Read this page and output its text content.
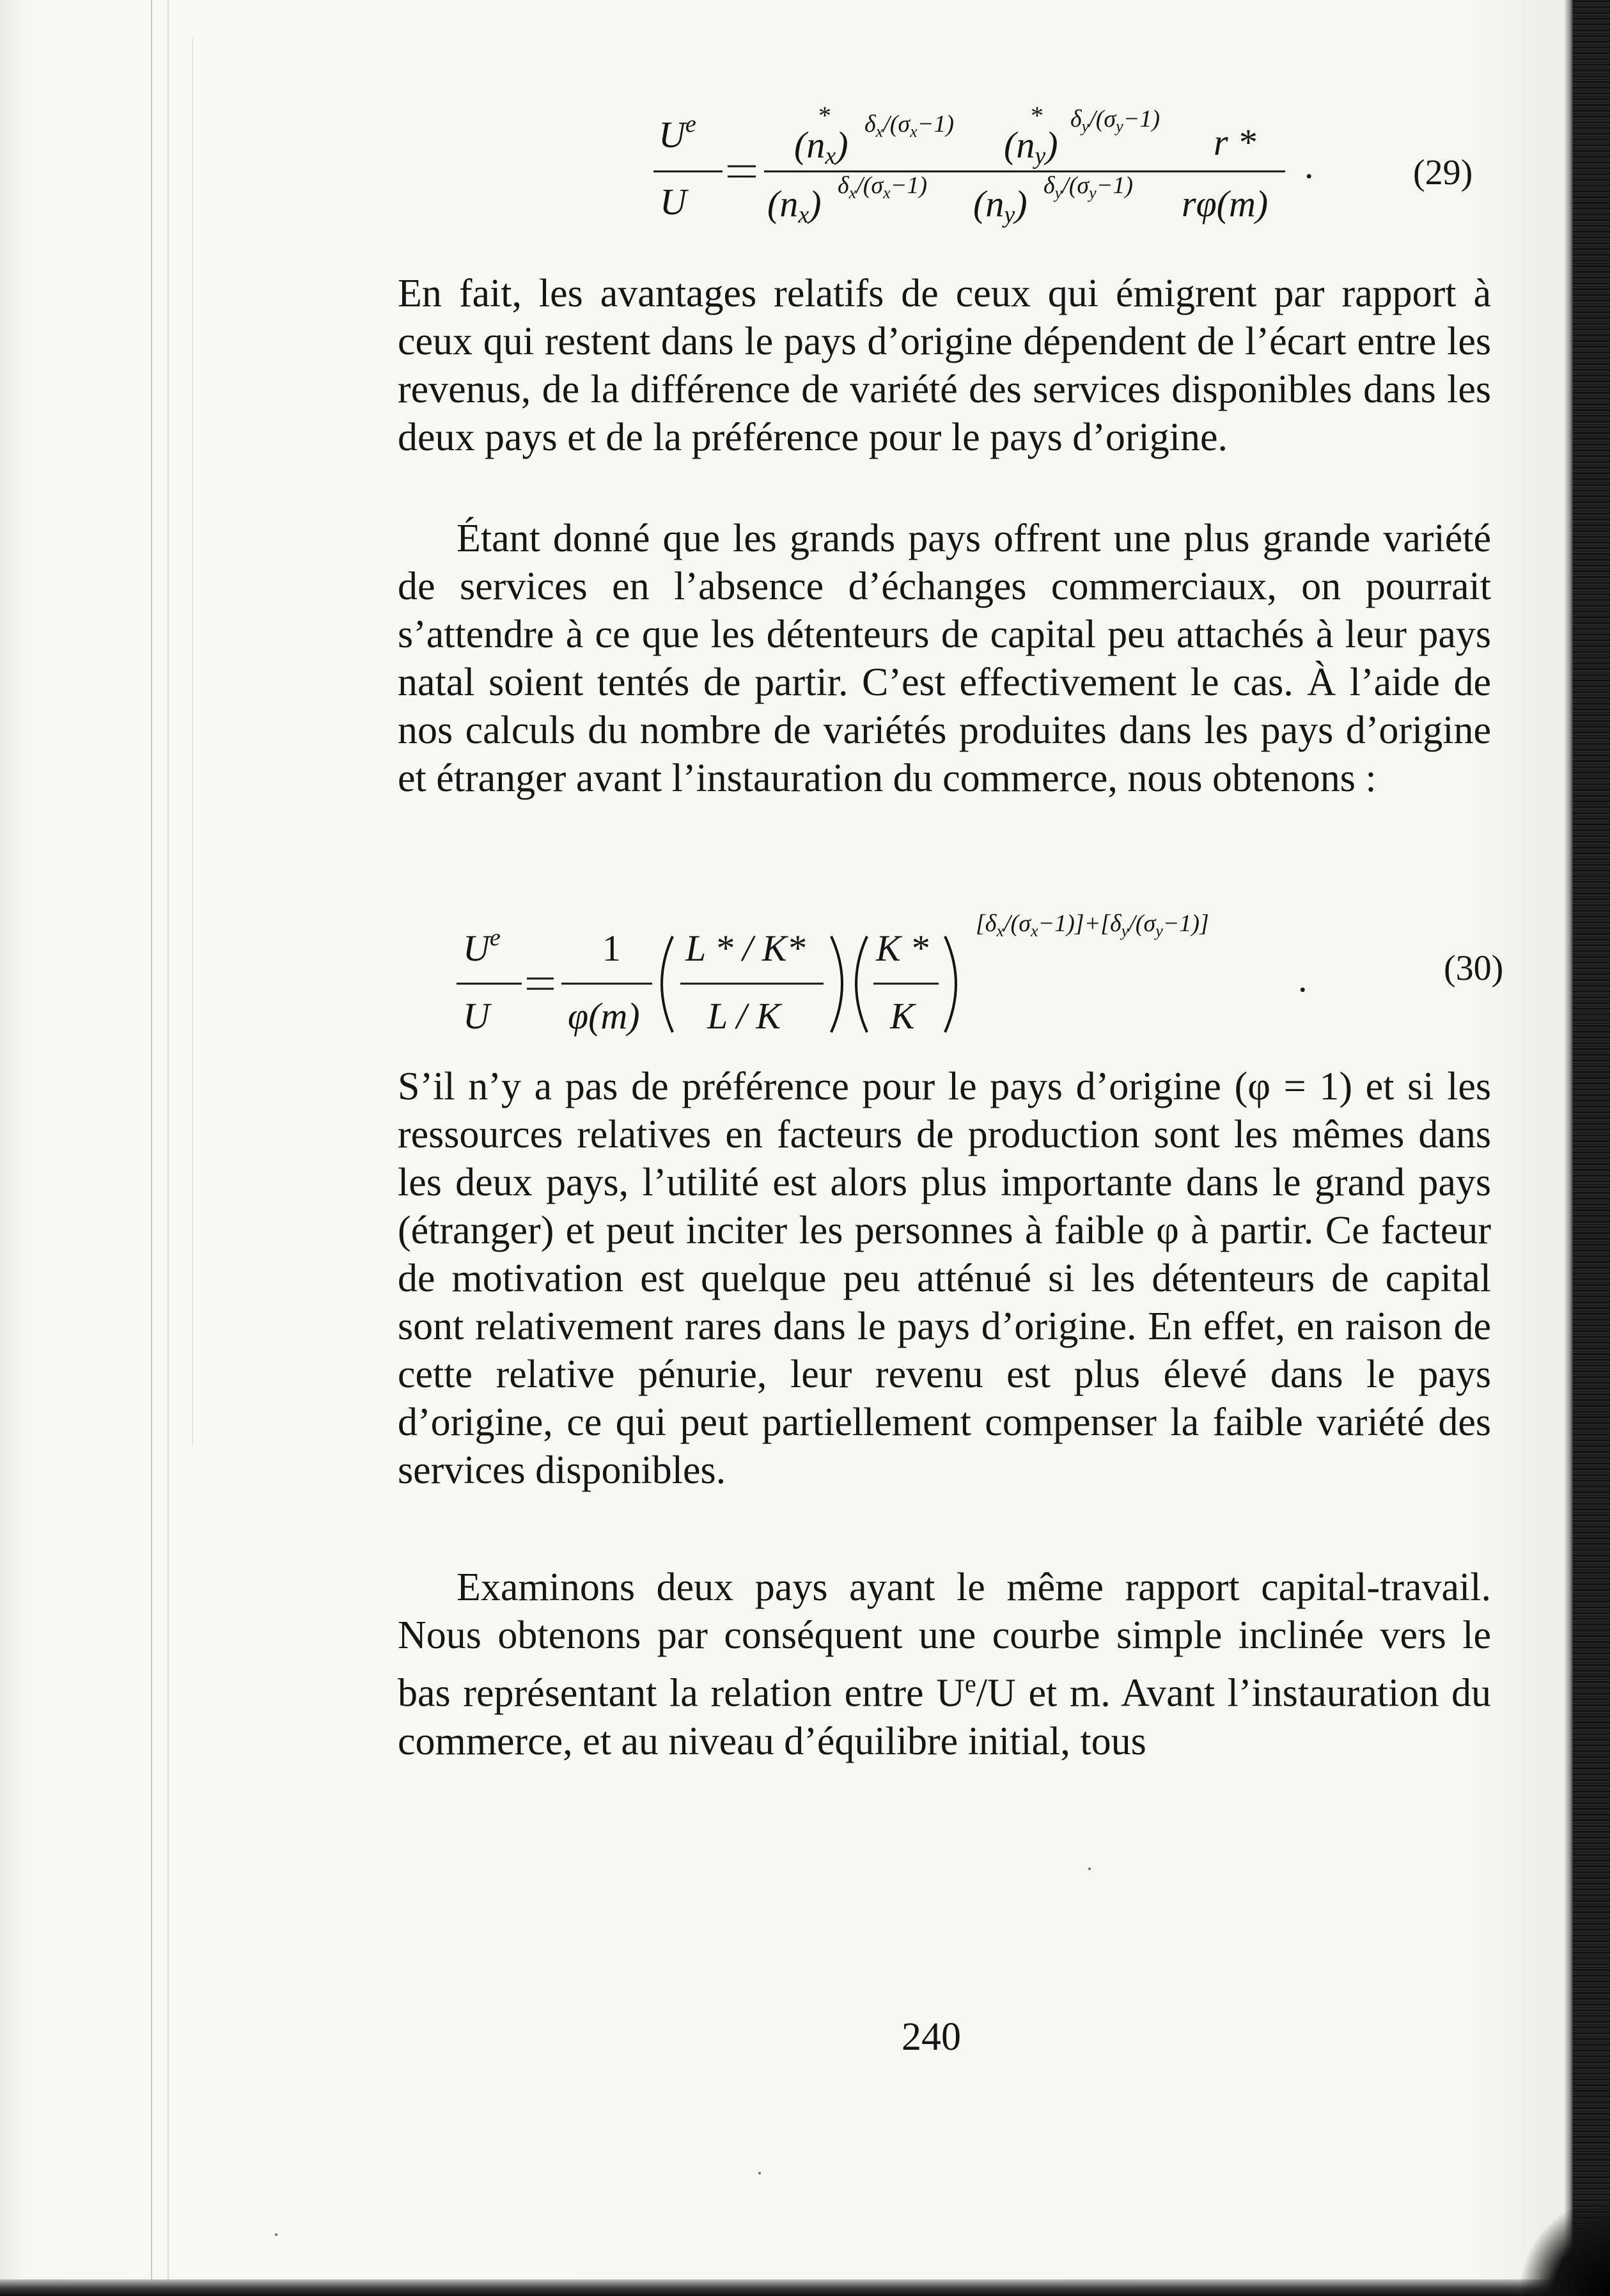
$U^e$
U
(nx)
* $\delta_x/(\sigma_x-1)$ (ny)
* $\delta_y/(\sigma_y-1)$
r *
(nx) $\delta_x/(\sigma_x-1)$ (ny) $\delta_y/(\sigma_y-1)$ rφ(m)
.	(29)

En fait, les avantages relatifs de ceux qui émigrent par rapport à ceux qui restent dans le pays d’origine dépendent de l’écart entre les revenus, de la différence de variété des services disponibles dans les deux pays et de la préférence pour le pays d’origine.

Étant donné que les grands pays offrent une plus grande variété de services en l’absence d’échanges commerciaux, on pourrait s’attendre à ce que les détenteurs de capital peu attachés à leur pays natal soient tentés de partir. C’est effectivement le cas. À l’aide de nos calculs du nombre de variétés produites dans les pays d’origine et étranger avant l’instauration du commerce, nous obtenons :

$U^e$
U
1
φ(m)
L * / K*
L / K
K *
K
$[\delta_x/(\sigma_x-1)]+[\delta_y/(\sigma_y-1)]$
.	(30)

S’il n’y a pas de préférence pour le pays d’origine (φ = 1) et si les ressources relatives en facteurs de production sont les mêmes dans les deux pays, l’utilité est alors plus importante dans le grand pays (étranger) et peut inciter les personnes à faible φ à partir. Ce facteur de motivation est quelque peu atténué si les détenteurs de capital sont relativement rares dans le pays d’origine. En effet, en raison de cette relative pénurie, leur revenu est plus élevé dans le pays d’origine, ce qui peut partiellement compenser la faible variété des services disponibles.

Examinons deux pays ayant le même rapport capital-travail. Nous obtenons par conséquent une courbe simple inclinée vers le bas représentant la relation entre $U^e/U$ et m. Avant l’instauration du commerce, et au niveau d’équilibre initial, tous

240
